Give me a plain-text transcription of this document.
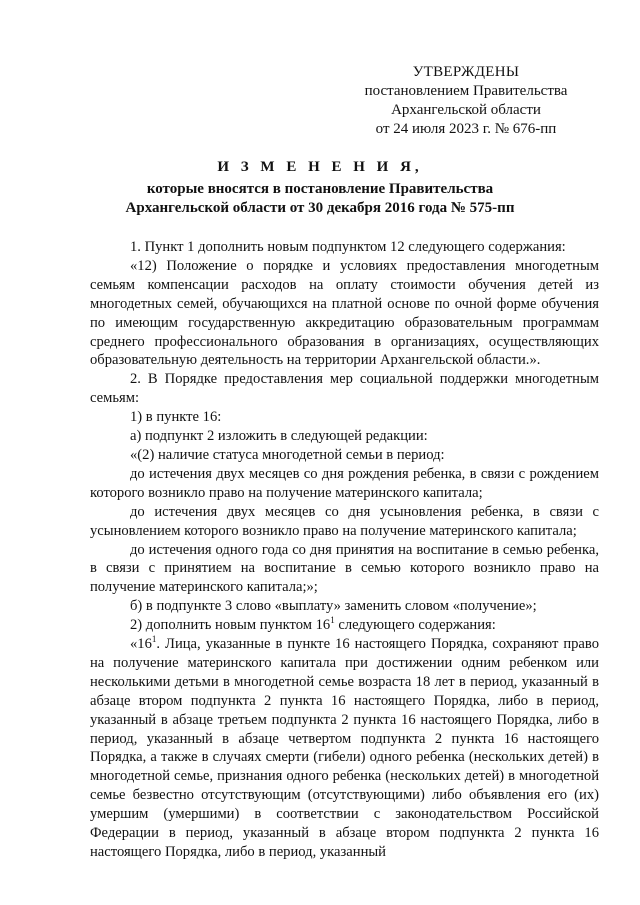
УТВЕРЖДЕНЫ
постановлением Правительства
Архангельской области
от 24 июля 2023 г. № 676-пп
И З М Е Н Е Н И Я,
которые вносятся в постановление Правительства
Архангельской области от 30 декабря 2016 года № 575-пп

1. Пункт 1 дополнить новым подпунктом 12 следующего содержания:

«12) Положение о порядке и условиях предоставления многодетным семьям компенсации расходов на оплату стоимости обучения детей из многодетных семей, обучающихся на платной основе по очной форме обучения по имеющим государственную аккредитацию образовательным программам среднего профессионального образования в организациях, осуществляющих образовательную деятельность на территории Архангельской области.».

2. В Порядке предоставления мер социальной поддержки многодетным семьям:

1) в пункте 16:

а) подпункт 2 изложить в следующей редакции:

«(2) наличие статуса многодетной семьи в период:

до истечения двух месяцев со дня рождения ребенка, в связи с рождением которого возникло право на получение материнского капитала;

до истечения двух месяцев со дня усыновления ребенка, в связи с усыновлением которого возникло право на получение материнского капитала;

до истечения одного года со дня принятия на воспитание в семью ребенка, в связи с принятием на воспитание в семью которого возникло право на получение материнского капитала;»;

б) в подпункте 3 слово «выплату» заменить словом «получение»;

2) дополнить новым пунктом $16^1$ следующего содержания:

«$16^1$. Лица, указанные в пункте 16 настоящего Порядка, сохраняют право на получение материнского капитала при достижении одним ребенком или несколькими детьми в многодетной семье возраста 18 лет в период, указанный в абзаце втором подпункта 2 пункта 16 настоящего Порядка, либо в период, указанный в абзаце третьем подпункта 2 пункта 16 настоящего Порядка, либо в период, указанный в абзаце четвертом подпункта 2 пункта 16 настоящего Порядка, а также в случаях смерти (гибели) одного ребенка (нескольких детей) в многодетной семье, признания одного ребенка (нескольких детей) в многодетной семье безвестно отсутствующим (отсутствующими) либо объявления его (их) умершим (умершими) в соответствии с законодательством Российской Федерации в период, указанный в абзаце втором подпункта 2 пункта 16 настоящего Порядка, либо в период, указанный
